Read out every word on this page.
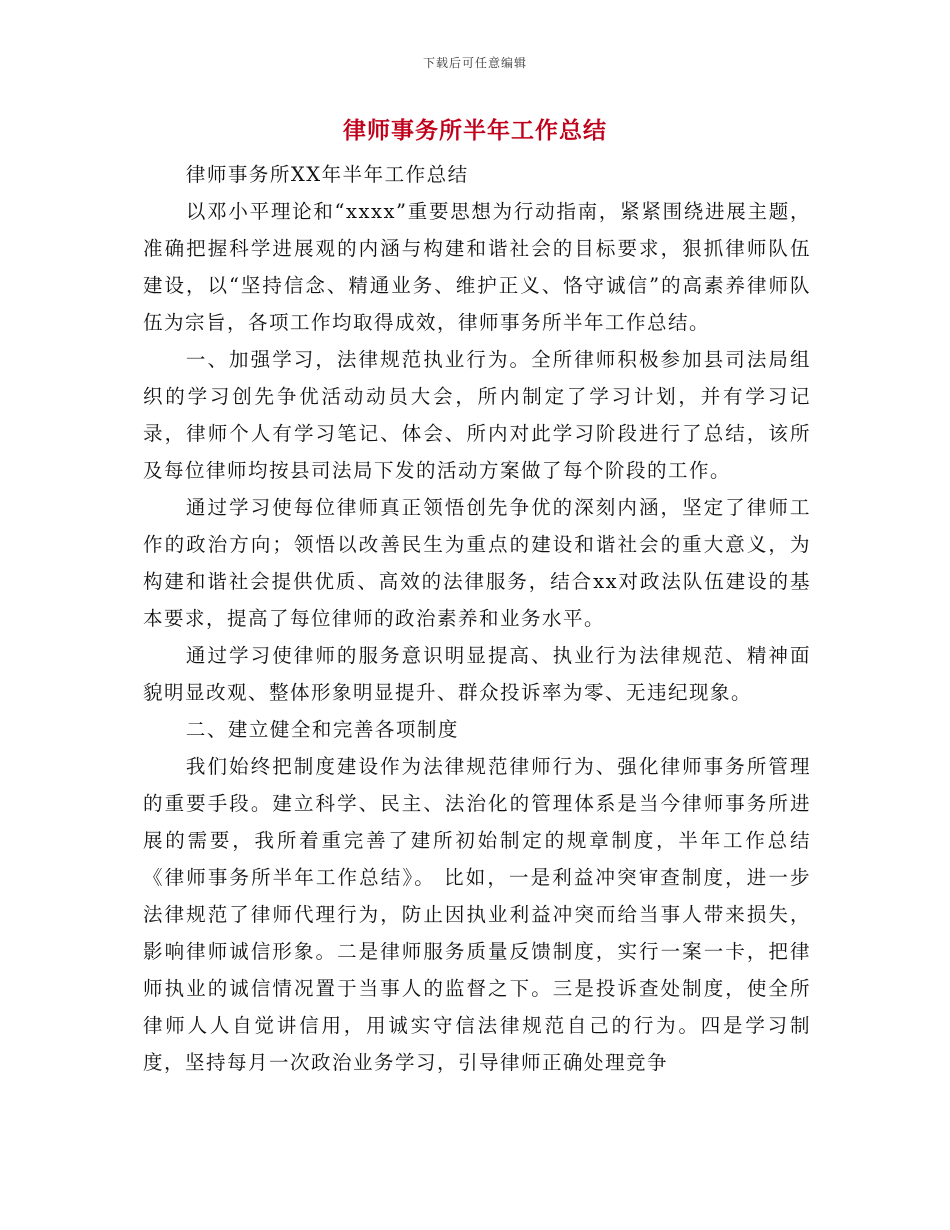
下载后可任意编辑
律师事务所半年工作总结

律师事务所XX年半年工作总结

以邓小平理论和“xxxx”重要思想为行动指南，紧紧围绕进展主题，准确把握科学进展观的内涵与构建和谐社会的目标要求，狠抓律师队伍建设，以“坚持信念、精通业务、维护正义、恪守诚信”的高素养律师队伍为宗旨，各项工作均取得成效，律师事务所半年工作总结。

一、加强学习，法律规范执业行为。全所律师积极参加县司法局组织的学习创先争优活动动员大会，所内制定了学习计划，并有学习记录，律师个人有学习笔记、体会、所内对此学习阶段进行了总结，该所及每位律师均按县司法局下发的活动方案做了每个阶段的工作。

通过学习使每位律师真正领悟创先争优的深刻内涵，坚定了律师工作的政治方向；领悟以改善民生为重点的建设和谐社会的重大意义，为构建和谐社会提供优质、高效的法律服务，结合xx对政法队伍建设的基本要求，提高了每位律师的政治素养和业务水平。

通过学习使律师的服务意识明显提高、执业行为法律规范、精神面貌明显改观、整体形象明显提升、群众投诉率为零、无违纪现象。

二、建立健全和完善各项制度

我们始终把制度建设作为法律规范律师行为、强化律师事务所管理的重要手段。建立科学、民主、法治化的管理体系是当今律师事务所进展的需要，我所着重完善了建所初始制定的规章制度，半年工作总结《律师事务所半年工作总结》。 比如，一是利益冲突审查制度，进一步法律规范了律师代理行为，防止因执业利益冲突而给当事人带来损失，影响律师诚信形象。二是律师服务质量反馈制度，实行一案一卡，把律师执业的诚信情况置于当事人的监督之下。三是投诉查处制度，使全所律师人人自觉讲信用，用诚实守信法律规范自己的行为。四是学习制度，坚持每月一次政治业务学习，引导律师正确处理竞争
